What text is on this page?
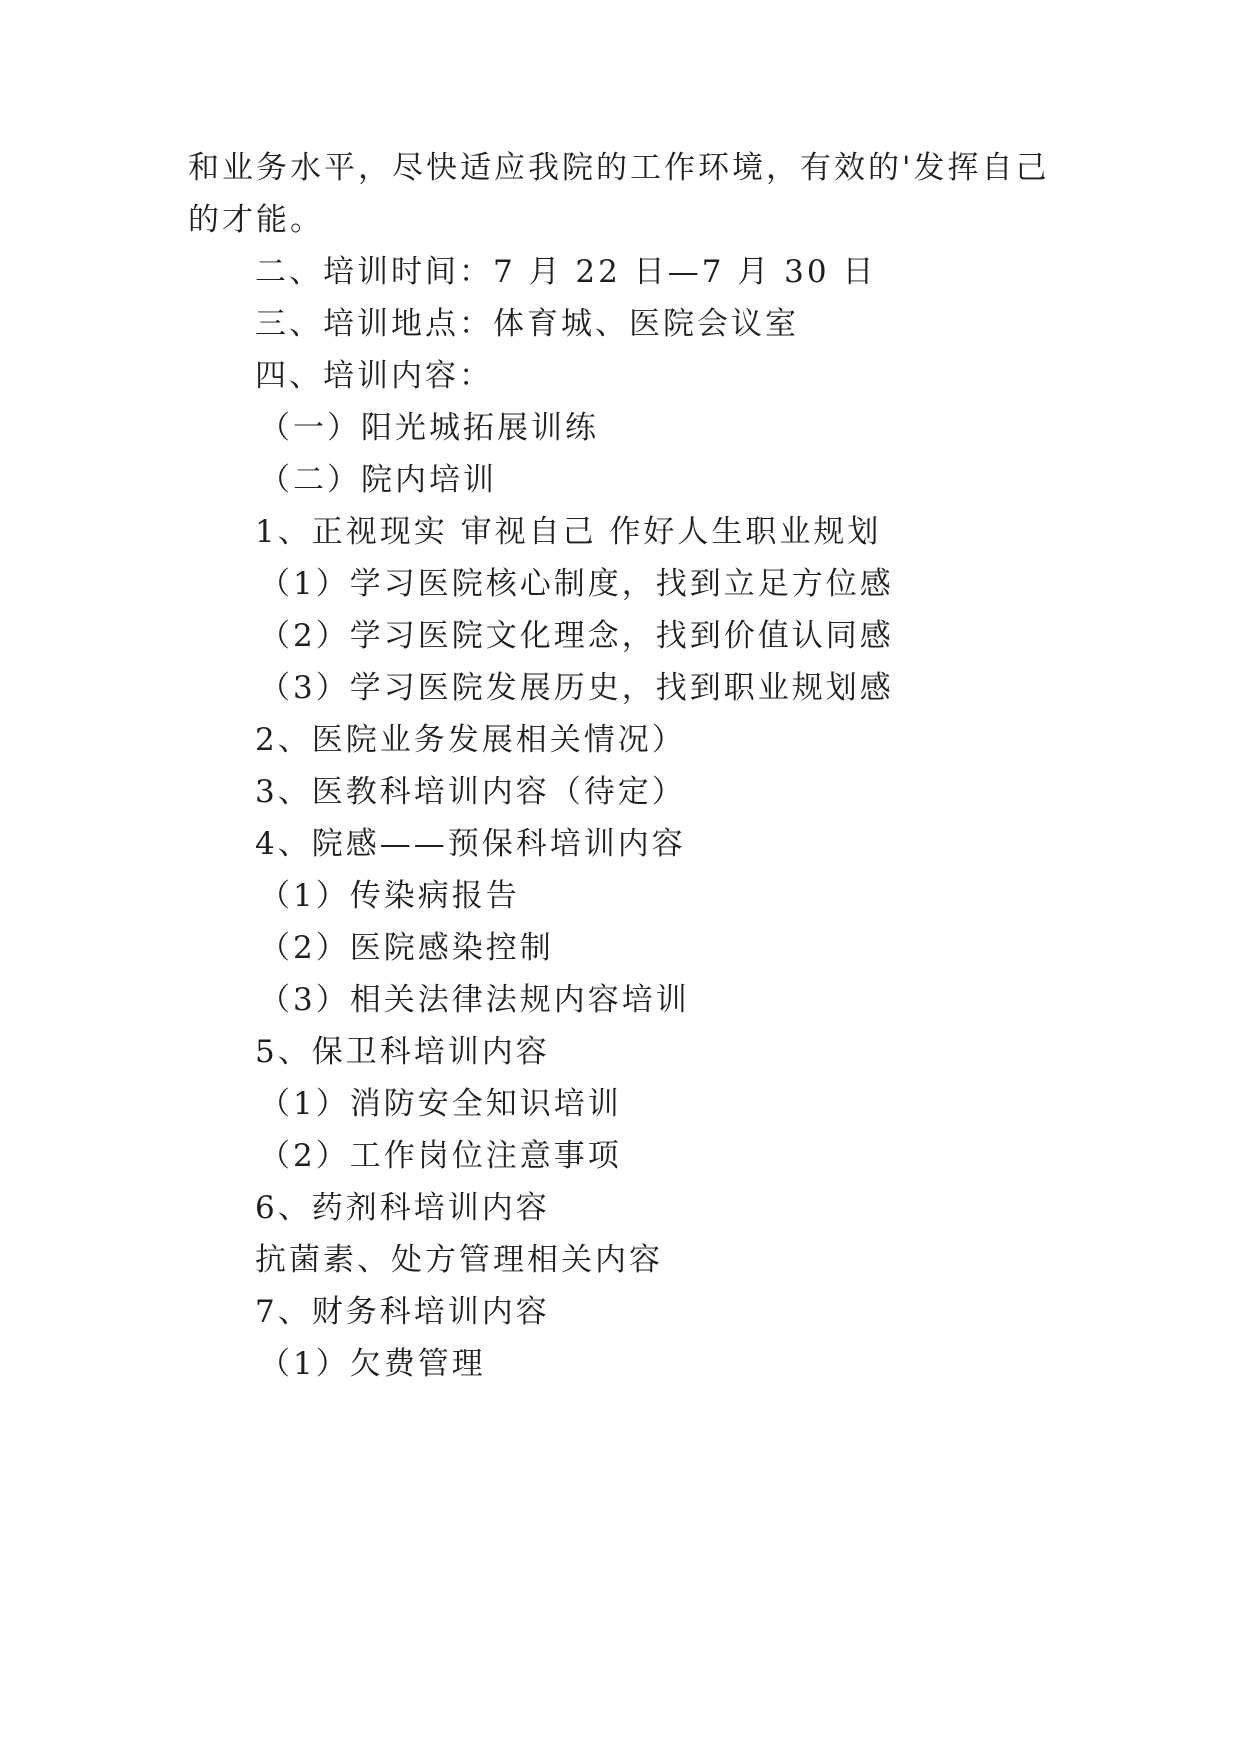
和业务水平，尽快适应我院的工作环境，有效的'发挥自己
的才能。
二、培训时间：7 月 22 日—7 月 30 日
三、培训地点：体育城、医院会议室
四、培训内容：
（一）阳光城拓展训练
（二）院内培训
1、正视现实 审视自己 作好人生职业规划
（1）学习医院核心制度，找到立足方位感
（2）学习医院文化理念，找到价值认同感
（3）学习医院发展历史，找到职业规划感
2、医院业务发展相关情况）
3、医教科培训内容（待定）
4、院感——预保科培训内容
（1）传染病报告
（2）医院感染控制
（3）相关法律法规内容培训
5、保卫科培训内容
（1）消防安全知识培训
（2）工作岗位注意事项
6、药剂科培训内容
抗菌素、处方管理相关内容
7、财务科培训内容
（1）欠费管理
